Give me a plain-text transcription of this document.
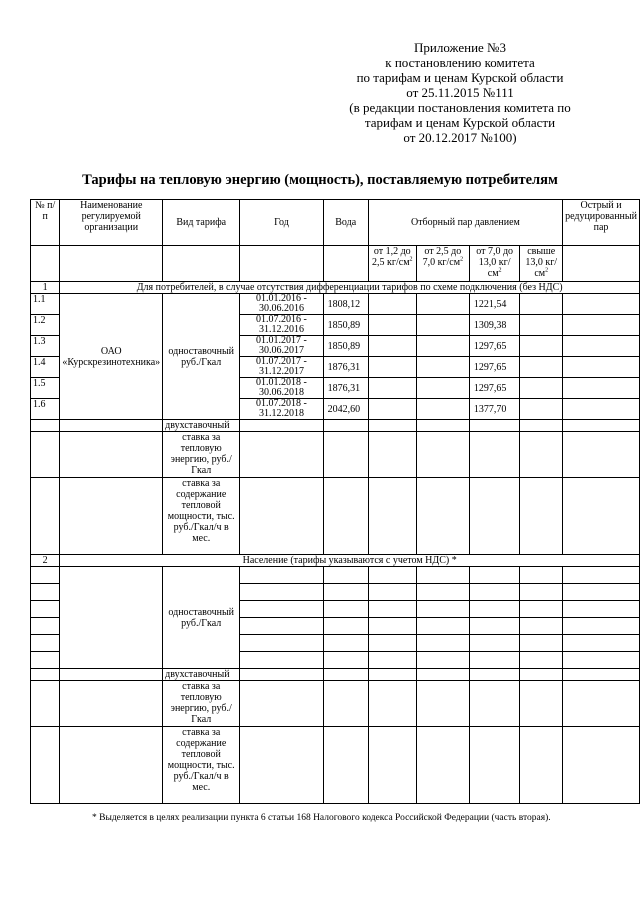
Приложение №3
к постановлению комитета
по тарифам и ценам Курской области
от 25.11.2015 №111
(в редакции постановления комитета по
тарифам и ценам Курской области
от 20.12.2017 №100)
Тарифы на тепловую энергию (мощность), поставляемую потребителям
№ п/п	Наименование регулируемой организации	Вид тарифа	Год	Вода	Отборный пар давлением				Острый и редуцированный пар
					от 1,2 до 2,5 $кг/см^2$	от 2,5 до 7,0 $кг/см^2$	от 7,0 до 13,0 $кг/см^2$	свыше 13,0 $кг/см^2$	
1	Для потребителей, в случае отсутствия дифференциации тарифов по схеме подключения (без НДС)								
1.1	ОАО «Курскрезинотехника»	одноставочный руб./Гкал	01.01.2016 - 30.06.2016	1808,12			1221,54		
1.2			01.07.2016 - 31.12.2016	1850,89			1309,38		
1.3			01.01.2017 - 30.06.2017	1850,89			1297,65		
1.4			01.07.2017 - 31.12.2017	1876,31			1297,65		
1.5			01.01.2018 - 30.06.2018	1876,31			1297,65		
1.6			01.07.2018 - 31.12.2018	2042,60			1377,70		
		двухставочный							
		ставка за тепловую энергию, руб./Гкал							
		ставка за содержание тепловой мощности, тыс. руб./Гкал/ч в мес.							
2	Население (тарифы указываются с учетом НДС) *								
		одноставочный руб./Гкал							

		двухставочный							
		ставка за тепловую энергию, руб./Гкал							
		ставка за содержание тепловой мощности, тыс. руб./Гкал/ч в мес.							
* Выделяется в целях реализации пункта 6 статьи 168 Налогового кодекса Российской Федерации (часть вторая).
